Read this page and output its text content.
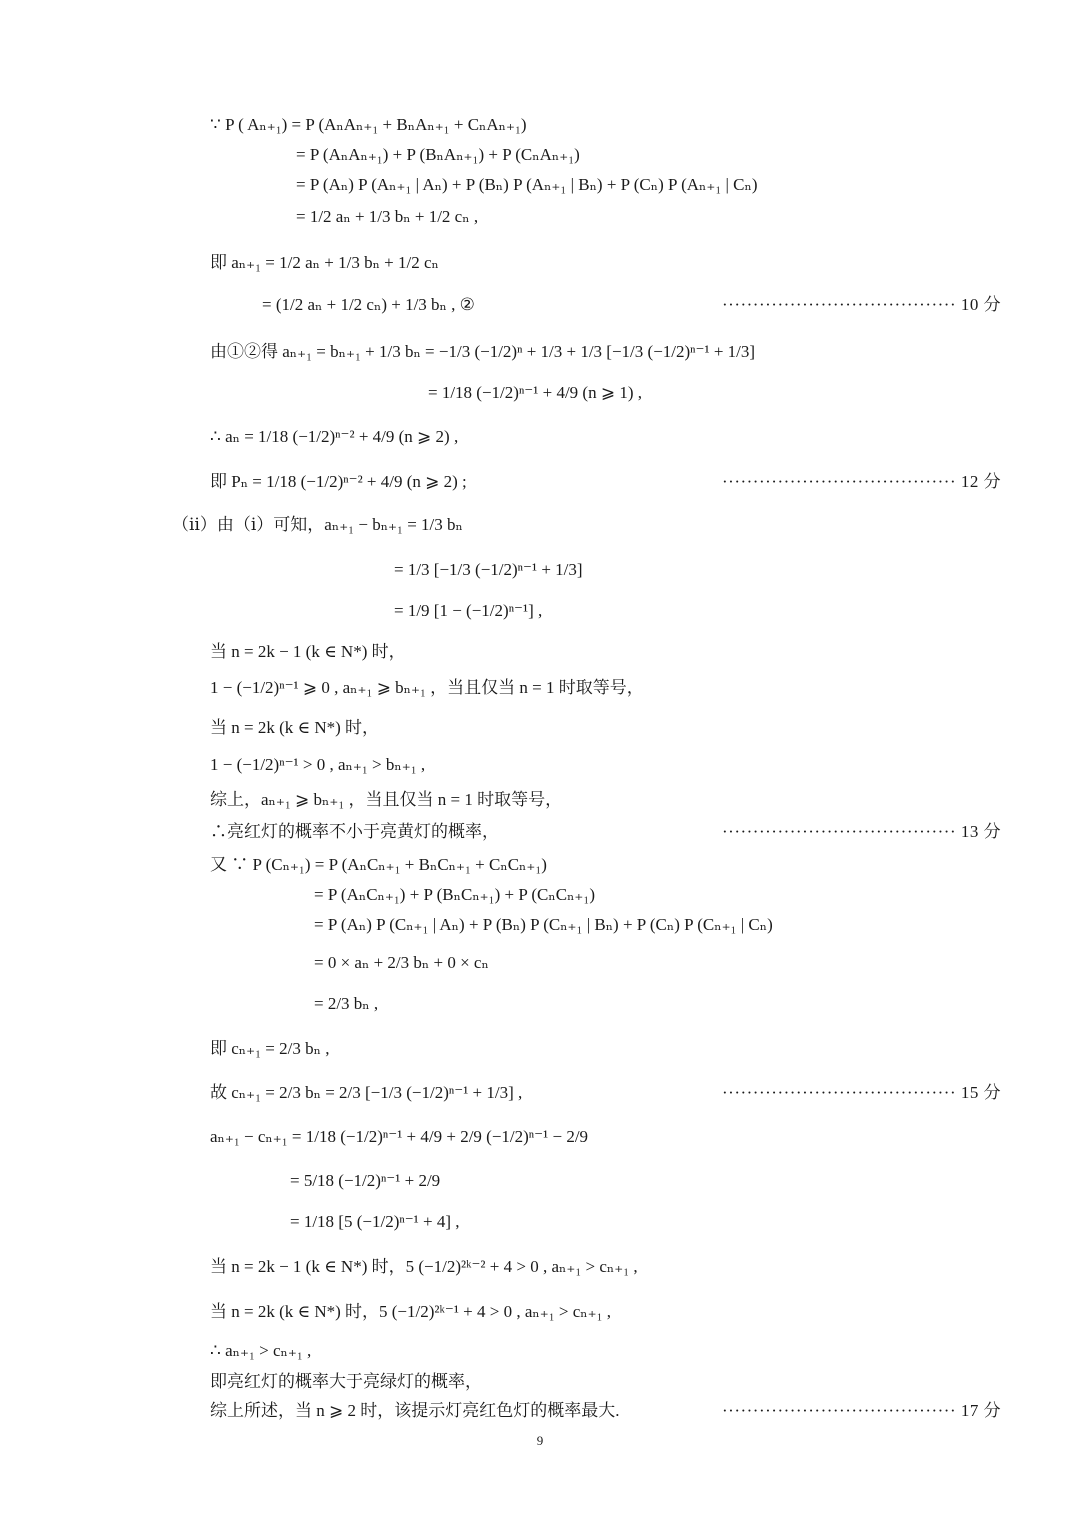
∵ P ( Aₙ₊₁) = P (AₙAₙ₊₁ + BₙAₙ₊₁ + CₙAₙ₊₁)
= P (AₙAₙ₊₁) + P (BₙAₙ₊₁) + P (CₙAₙ₊₁)
= P (Aₙ) P (Aₙ₊₁ | Aₙ) + P (Bₙ) P (Aₙ₊₁ | Bₙ) + P (Cₙ) P (Aₙ₊₁ | Cₙ)
= 1/2 aₙ + 1/3 bₙ + 1/2 cₙ ,
即 aₙ₊₁ = 1/2 aₙ + 1/3 bₙ + 1/2 cₙ
= (1/2 aₙ + 1/2 cₙ) + 1/3 bₙ , ②	······································ 10 分
由①②得 aₙ₊₁ = bₙ₊₁ + 1/3 bₙ = −1/3 (−1/2)ⁿ + 1/3 + 1/3 [−1/3 (−1/2)ⁿ⁻¹ + 1/3]
= 1/18 (−1/2)ⁿ⁻¹ + 4/9 (n ⩾ 1) ,
∴ aₙ = 1/18 (−1/2)ⁿ⁻² + 4/9 (n ⩾ 2) ,
即 Pₙ = 1/18 (−1/2)ⁿ⁻² + 4/9 (n ⩾ 2) ;	······································ 12 分
（ⅱ）由（ⅰ）可知，aₙ₊₁ − bₙ₊₁ = 1/3 bₙ
= 1/3 [−1/3 (−1/2)ⁿ⁻¹ + 1/3]
= 1/9 [1 − (−1/2)ⁿ⁻¹] ,
当 n = 2k − 1 (k ∈ N*) 时，
1 − (−1/2)ⁿ⁻¹ ⩾ 0 , aₙ₊₁ ⩾ bₙ₊₁ ，当且仅当 n = 1 时取等号，
当 n = 2k (k ∈ N*) 时，
1 − (−1/2)ⁿ⁻¹ > 0 , aₙ₊₁ > bₙ₊₁ ,
综上，aₙ₊₁ ⩾ bₙ₊₁ ，当且仅当 n = 1 时取等号，
∴亮红灯的概率不小于亮黄灯的概率，	······································ 13 分
又 ∵ P (Cₙ₊₁) = P (AₙCₙ₊₁ + BₙCₙ₊₁ + CₙCₙ₊₁)
= P (AₙCₙ₊₁) + P (BₙCₙ₊₁) + P (CₙCₙ₊₁)
= P (Aₙ) P (Cₙ₊₁ | Aₙ) + P (Bₙ) P (Cₙ₊₁ | Bₙ) + P (Cₙ) P (Cₙ₊₁ | Cₙ)
= 0 × aₙ + 2/3 bₙ + 0 × cₙ
= 2/3 bₙ ,
即 cₙ₊₁ = 2/3 bₙ ,
故 cₙ₊₁ = 2/3 bₙ = 2/3 [−1/3 (−1/2)ⁿ⁻¹ + 1/3] ,	······································ 15 分
aₙ₊₁ − cₙ₊₁ = 1/18 (−1/2)ⁿ⁻¹ + 4/9 + 2/9 (−1/2)ⁿ⁻¹ − 2/9
= 5/18 (−1/2)ⁿ⁻¹ + 2/9
= 1/18 [5 (−1/2)ⁿ⁻¹ + 4] ,
当 n = 2k − 1 (k ∈ N*) 时，5 (−1/2)²ᵏ⁻² + 4 > 0 , aₙ₊₁ > cₙ₊₁ ,
当 n = 2k (k ∈ N*) 时，5 (−1/2)²ᵏ⁻¹ + 4 > 0 , aₙ₊₁ > cₙ₊₁ ,
∴ aₙ₊₁ > cₙ₊₁ ,
即亮红灯的概率大于亮绿灯的概率，
综上所述，当 n ⩾ 2 时，该提示灯亮红色灯的概率最大.	······································ 17 分
9
